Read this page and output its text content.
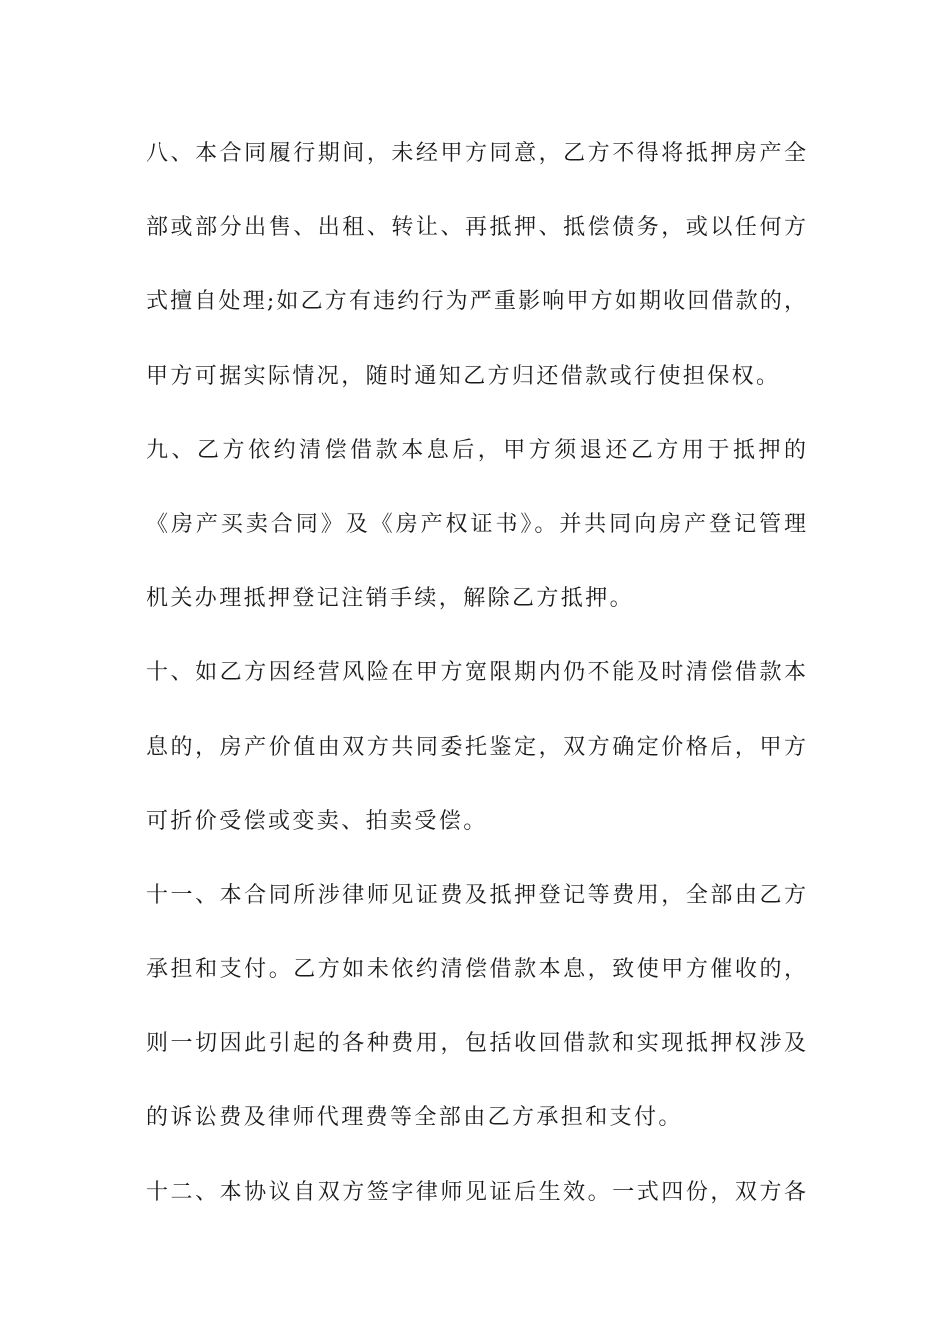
八、本合同履行期间，未经甲方同意，乙方不得将抵押房产全
部或部分出售、出租、转让、再抵押、抵偿债务，或以任何方
式擅自处理;如乙方有违约行为严重影响甲方如期收回借款的，
甲方可据实际情况，随时通知乙方归还借款或行使担保权。
九、乙方依约清偿借款本息后，甲方须退还乙方用于抵押的
《房产买卖合同》及《房产权证书》。并共同向房产登记管理
机关办理抵押登记注销手续，解除乙方抵押。
十、如乙方因经营风险在甲方宽限期内仍不能及时清偿借款本
息的，房产价值由双方共同委托鉴定，双方确定价格后，甲方
可折价受偿或变卖、拍卖受偿。
十一、本合同所涉律师见证费及抵押登记等费用，全部由乙方
承担和支付。乙方如未依约清偿借款本息，致使甲方催收的，
则一切因此引起的各种费用，包括收回借款和实现抵押权涉及
的诉讼费及律师代理费等全部由乙方承担和支付。
十二、本协议自双方签字律师见证后生效。一式四份，双方各
